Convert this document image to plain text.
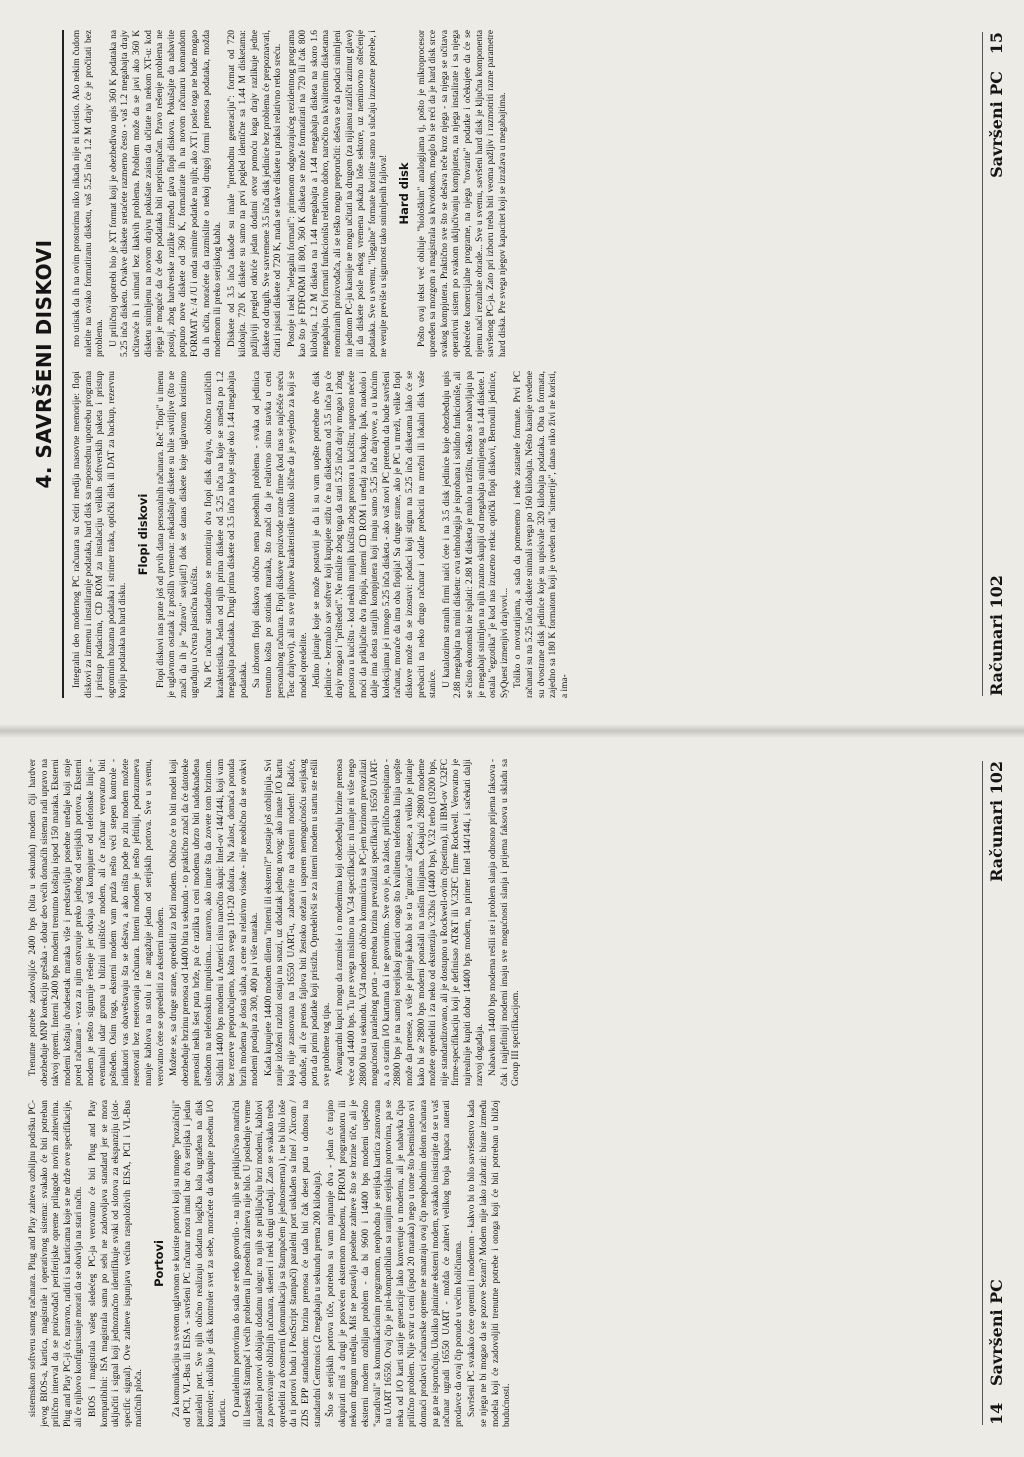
sistemskom softveru samog računara. Plug and Play zahteva ozbiljnu podršku PC-jevog BIOS-a, kartica, magistrale i operativnog sistema: svakako će biti potreban prilično interval da se proizvođači periferijske opreme prilagode novim zahtevima. Plug and Play PC-ji će, naravno, raditi i sa karticama koje se ne drže ove specifikacije, ali će njihovo konfigurisanje morati da se obavlja na stari način. BIOS i magistrala vašeg sledećeg PC-ja verovatno će biti Plug and Play kompatibilni: ISA magistrala sama po sebi ne zadovoljava standard jer se mora uključiti i signal koji jednoznačno identifikuje svaki od slotova za ekspanziju (slot-specific signal). Ove zahteve ispunjava većina raspoloživih EISA, PCI i VL-Bus matičnih ploča.

Portovi Za komunikaciju sa svetom uglavnom se koriste portovi koji su mnogo "prozaičniji" od PCI, VL-Bus ili EISA - savršeni PC računar mora imati bar dva serijska i jedan paralelni port. Sve njih obično realizuju dodatna logička kola ugrađena na disk kontroler; ukoliko je disk kontroler svet za sebe, moraćete da dokupite posebnu I/O karticu. O paralelnim portovima do sada se retko govorilo - na njih se priključivao matrični ili laserski štampač i većih problema ili posebnih zahteva nije bilo. U poslednje vreme paralelni portovi dobijaju dodatnu ulogu: na njih se priključuju brzi modemi, kablovi za povezivanje obližnjih računara, skeneri i neki drugi uređaji. Zato se svakako treba opredeliti za dvosmerni (komunikacija sa štampačem je jednosmerna) i, ne bi bilo loše da ti portovi budu i PostScript štampači) paralelni port usklađen sa Intel / Xircom / ZDS EPP standardom: brzina prenosa će tada biti čak deset puta u odnosu na standardni Centronics (2 megabajta u sekundu prema 200 kilobajta). Što se serijskih portova tiče, potrebna su vam najmanje dva - jedan će trajno okupirati miš a drugi je posvećen eksternom modemu, EPROM programatoru ili nekom drugom uređaju. Miš ne postavlja posebne zahteve što se brzine tiče, ali je eksterni modem ozbiljan problem - da bi 9600 i 14400 bps modemi uspešno "saradivali" sa komunikacionim programom, neophodna je serijska kartica zasnovana na UART 16550. Ovaj čip je pin-kompatibilan sa ranijim serijskim portovima, pa se neka od I/O karti starije generacije lako konvertuje u modernu, ali je nabavka čipa prilično problem. Nije stvar u ceni (ispod 20 maraka) nego u tome što besmisleno svi domaći prodavci računarske opreme ne smatraju ovaj čip neophodnim delom računara pa ga ne isporučuju. Ukoliko planirate eksterni modem, svakako insistirajte da se u vaš računar ugradi 16550 UART - možda će zahtevi velikog broja kupaca naterati prodavce da ovaj čip ponude u većim količinama. Savršeni PC svakako ćete opremiti i modemom - kakvo bi to bilo savršenstvo kada se njega ne bi mogao da se pozove Sezam? Modem nije lako izabrati: birate između modela koji će zadovoljiti trenutne potrebe i onoga koji će biti potreban u bližoj budućnosti.

Trenutne potrebe zadovoljiće 2400 bps (bita u sekundu) modem čiji hardver obezbeđuje MNP korekciju grešaka - dobar deo većih domaćih sistema radi upravo na takvoj opremi. Interni 2400 bps modemi trenutno koštaju ispod 150 maraka. Eksterni modemi koštaju dvadesetak maraka više i predstavljaju posebne uređaje koji stoje pored računara - veza za njim ostvaruje preko jednog od serijskih portova. Eksterni modem je nešto sigurnije rešenje jer odvaja vaš kompjuter od telefonske linije - eventualni udar groma u blizini uništiće modem, ali će računar verovatno biti pošteđen. Osim toga, eksterni modem vam pruža nešto veći stepen kontrole - indikatori vas obaveštavaju šta se dešava, a ako ništa pođe po zlu modem možete resetovati bez resetovanja računara. Interni modem je nešto jeftiniji, podrazumeva manje kablova na stolu i ne angažuje jedan od serijskih portova. Sve u svemu, verovatno ćete se opredeliti za eksterni modem. Možete se, sa druge strane, opredeliti za brži modem. Obično će to biti model koji obezbeđuje brzinu prenosa od 14400 bita u sekundu - to praktično znači da će datoteke prenositi nekih šest puta brže, pa će razlika u ceni modema ubrzo biti nadoknađena uštedom na telefonskim impulsima... naravno, ako imate šta da zovete tom brzinom. Solidni 14400 bps modemi u Americi nisu naročito skupi: Intel-ov 144/144i, koji vam bez rezerve preporučujemo, košta svega 110-120 dolara. Na žalost, domaća ponuda brzih modema je dosta slaba, a cene su relativno visoke - nije neobično da se ovakvi modemi prodaju za 300, 400 pa i više maraka. Kada kupujete 14400 modem dilema "interni ili eksterni?" postaje još ozbiljnija. Svi ranije izloženi razlozi ostaju na snazi, uz dodatak jednog novog: ako imate I/O kartu koja nije zasnovana na 16550 UART-u, zaboravite na eksterni modem! Radiće, doduše, ali će prenos fajlova biti žestoko otežan i usporen nemogućnošću serijskog porta da primi podatke koji pristižu. Opredelivši se za interni modem u startu ste rešili sve probleme tog tipa. Avangardni kupci mogu da razmisle i o modemima koji obezbeđuju brzine prenosa veće od 14400 bps. Tu pre svega mislimo na V.34 specifikaciju: ni manje ni više nego 28800 bita u sekundu. V.34 modem obično komunicira sa PC-jem brzinom prevazilazi mogućnosti paralelnog porta - potrebna brzina prevazilazi specifikaciju 16550 UART-a, a o starim I/O kartama da i ne govorimo. Sve ovo je, na žalost, prilično neispitano - 28800 bps je na samoj teorijskoj granici onoga što kvalitetna telefonska linija uopšte može da prenese, a više je pitanje kako bi se ta "granica" slanese, a veliko je pitanje kako bi se 28800 bps modemi ponašali na našim linijama. Čekajući 28800 modeme možete opredeliti i za neko od ekstenzija v.32bis (14400 bps), V.32 terbo (19200 bps, nije standardizovano, ali je dostupno u Rockwell-ovim čipsetima), ili IBM-ov V.32FC firme-specifikaciju koji je definisao AT&T ili V.32FC firme Rockwell. Verovatno je najrealnije kupiti dobar 14400 bps modem, na primer Intel 144/144i, i sačekati dalji razvoj događaja. Nabavkom 14400 bps modema rešili ste i problem slanja odnosno prijema faksova - čak i najjeftiniji modemi imaju sve mogućnosti slanja i prijema faksova u skladu sa Group III specifikacijom.

14   Savršeni PC
Računari 102
4. SAVRŠENI DISKOVI

Integralni deo modernog PC računara su četiri medija masovne memorije: flopi diskovi za izmenu i instaliranje podataka, hard disk sa neposrednu upotrebu programa i pristup podacima, CD ROM za instalaciju velikih softverskih paketa i pristup ogromnim bazama podataka i strimer traka, optički disk ili DAT za backup, rezervnu kopiju podataka na hard disku.

Flopi diskovi Flopi diskovi nas prate još od prvih dana personalnih računara. Reč "flopi" u imenu je uglavnom ostatak iz prošlih vremena: nekadašnje diskete su bile savitljive (što ne znači da ih je "zdravo" savijati!) dok se danas diskete koje uglavnom koristimo ugrađuju u čvrsta plastična kućišta. Na PC računar standardno se montiraju dva flopi disk drajva, obično različitih karakteristika. Jedan od njih prima diskete od 5.25 inča na koje se smešta po 1.2 megabajta podataka. Drugi prima diskete od 3.5 inča na koje staje oko 1.44 megabajta podataka. Sa izborom flopi diskova obično nema posebnih problema - svaka od jedinica trenutno košta po stotinak maraka, što znači da je relativno sitna stavka u ceni personalnog računara. Flopi diskove proizvode razne firme (kod nas se najčešće sreću Teac drajvovi), ali su sve njihove karakteristike toliko slične da je svejedno za koji se model opredelite. Jedino pitanje koje se može postaviti je da li su vam uopšte potrebne dve disk jedinice - bezmalo sav softver koji kupujete stižu će na disketama od 3.5 inča pa će drajv mogao i "prištedeti". Ne mislite zbog toga da stari 5.25 inča drajv mogao i zbog prostora u kućištu - kod nekih manjih kućišta zbog prostora u kućištu; naprosto nećete moći da priključite dva flopija, interni CD ROM i uređaj za backup. Ipak, naokolo i dalje ima dosta starijih kompjutera koji imaju samo 5.25 inča drajvove, a u kućnim kolekcijama je i mnogo 5.25 inča disketa - ako vaš novi PC pretendu da bude savršeni računar, moraće da ima oba flopija! Sa druge strane, ako je PC u mreži, velike flopi diskove može da se izostavi: podaci koji stignu na 5.25 inča disketama lako će se prebaciti na neko drugo računar i odatle prebaciti na mrežni ili lokalni disk vaše stanice. U katalozima stranih firmi naići ćete i na 3.5 disk jedinice koje obezbeđuju upis 2.88 megabajta na mini disketu: ova tehnologija je isprobana i solidno funkcioniše, ali se čisto ekonomski ne isplati: 2.88 M disketa je malo na tržištu, teško se nabavljaju pa je megabajt snimljen na njih znatno skuplji od megabajta snimljenog na 1.44 diskete. I ostala "egzotika" je kod nas izuzetno retka: optički flopi diskovi, Bernoulli jedinice, SyQuest izmenjivi drajvovi... Toliko o novotarijama, a sada da pomenemo i neke zastarele formate. Prvi PC računari su na 5.25 inča diskete snimali svega po 160 kilobajta. Nešto kasnije uvedene su dvostrane disk jedinice koje su upisivale 320 kilobajta podataka. Oba ta formata, zajedno sa 180 K formatom koji je uveden radi "simetrije", danas niko živi ne koristi, a ima-

mo utisak da ih na ovim prostorima niko nikada nije ni koristio. Ako nekim čudom naletite na ovako formatiranu disketu, vaš 5.25 inča 1.2 M drajv će je pročitati bez problema. U priličnoj upotrebi bio je XT format koji je obezbeđivao upis 360 K podataka na 5.25 inča disketu. Ovakve diskete sretaćete razmerno često - vaš 1.2 megabajta drajv učitavaće ih i snimati bez ikakvih problema. Problem može da se javi ako 360 K disketu snimljenu na novom drajvu pokušate zaista da učitate na nekom XT-u: kod njega je moguće da će deo podataka biti nepristupačan. Pravo rešenje problema ne postoji, zbog hardverske razlike između glava flopi diskova. Pokušajte da nabavite potpuno nove diskete od 360 K, formatirate ih na novom računaru komandom FORMAT A: /4 /U i onda snimite podatke na njih; ako XT i posle toga ne bude mogao da ih učita, moraćete da razmislite o nekoj drugoj formi prenosa podataka, možda modemom ili preko serijskog kabla. Diskete od 3.5 inča takođe su imale "prethodnu generaciju": format od 720 kilobajta. 720 K diskete su samo na prvi pogled identične sa 1.44 M disketama: pažljiviji pregled otkriće jedan dodatni otvor pomoću koga drajv razlikuje jedne diskete od drugih. Sve savremene 3.5 inča disk jedinice bez problema će prepoznavati, čitati i pisati diskete od 720 K, mada se takve diskete u praksi relativno retko sreću. Postoje i neki "nelegalni formati": primenom odgovarajućeg rezidentnog programa kao što je FDFORM ili 800, 360 K disketa se može formatirati na 720 ili čak 800 kilobajta, 1.2 M disketa na 1.44 megabajta a 1.44 megabajta disketa na skoro 1.6 megabajta. Ovi formati funkcionišu relativno dobro, naročito na kvalitetnim disketama renomiranih proizvođača, ali se teško mogu preporučiti: dešava se da podaci snimljeni na jednom PC-ju kasnije ne mogu učitati na drugom (za njijansu različit azimut glave) ili da diskete posle nekog vremena pokažu loše sektore, uz neminovno oštećenje podataka. Sve u svemu, "ilegalne" formate koristite samo u slučaju izuzetne potrebe, i ne verujte previše u sigurnost tako snimljenih fajlova! Hard disk Pošto ovaj tekst već obiluje "biološkim" analogijama tj, pošto je mikroprocesor upoređen sa mozgom a magistrala sa krvotokom, moglo bi se reći da je hard disk srce svakog kompjutera. Praktično sve što se dešava teče kroz njega - sa njega se učitava operativni sistem po svakom uključivanju kompjutera, na njega instalirate i sa njega pokrećete komercijalne programe, na njega "tovarite" podatke i očekujete da će se njemu naći rezultate obrade... Sve u svemu, savršeni hard disk je ključna komponenta savršenog PC-ja. Zato pri izboru treba biti veoma pažljiv i razmotriti razne parametre hard diska. Pre svega njegov kapacitet koji se izražava u megabajtima.

Računari 102
Savršeni PC   15
